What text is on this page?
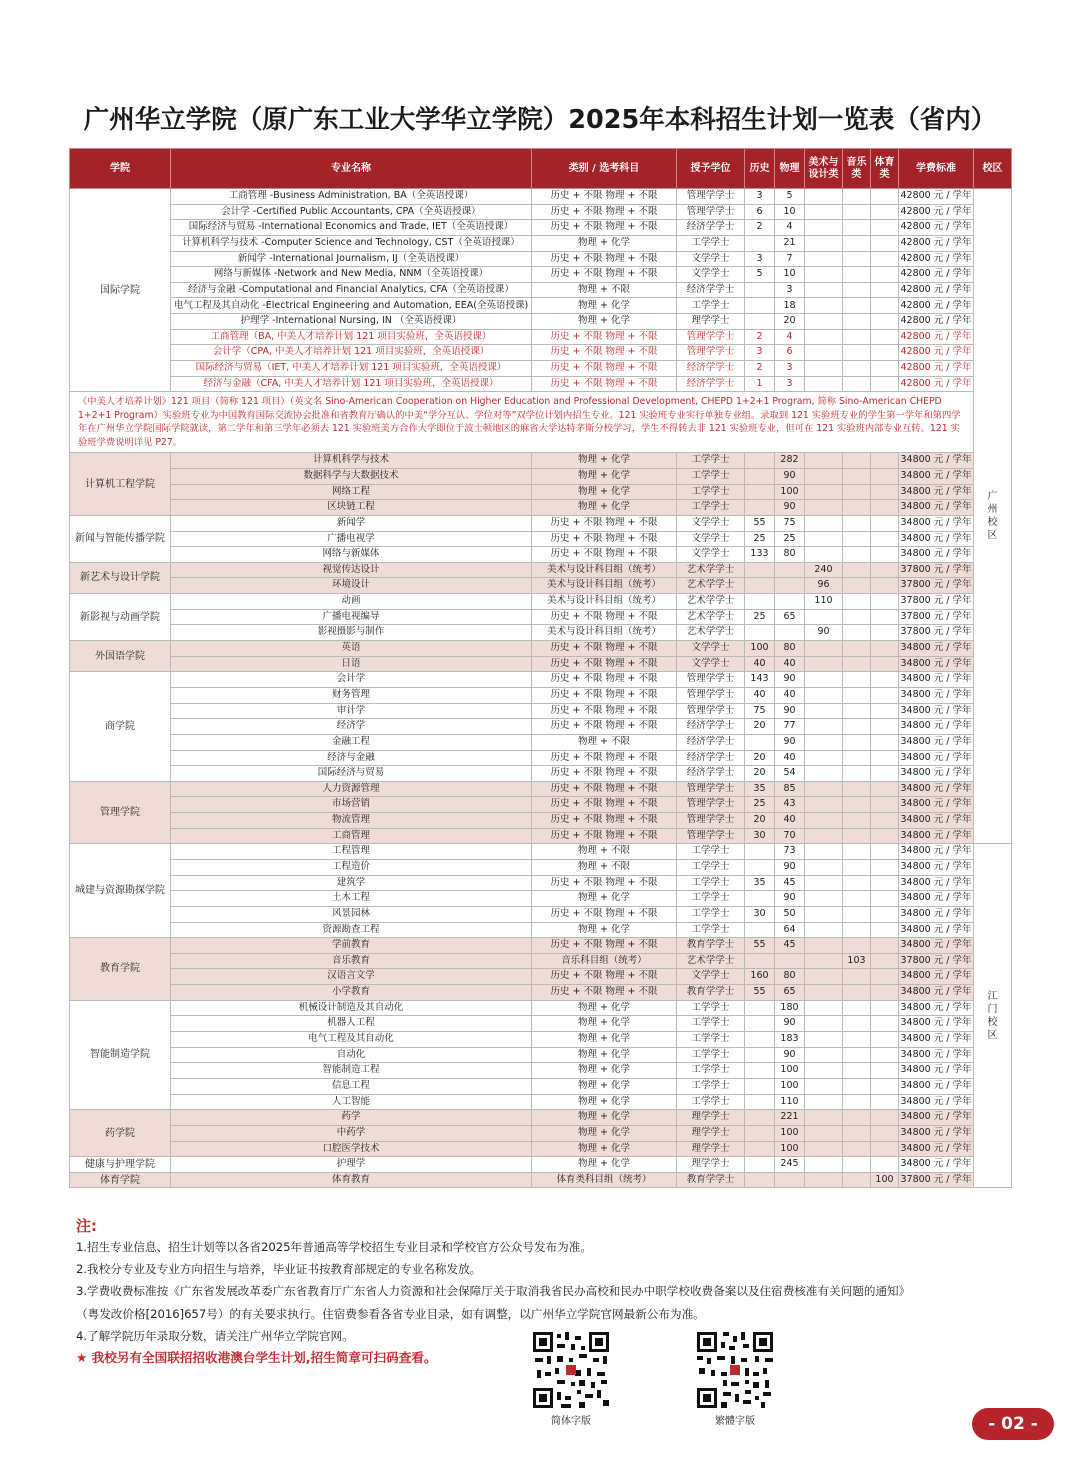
广州华立学院（原广东工业大学华立学院）2025年本科招生计划一览表（省内）
学院	专业名称	类别 / 选考科目	授予学位	历史	物理	美术与设计类	音乐类	体育类	学费标准	校区
国际学院	工商管理 -Business Administration, BA（全英语授课）	历史 + 不限 物理 + 不限	管理学学士	3	5				42800 元 / 学年	广州校区
	会计学 -Certified Public Accountants, CPA（全英语授课）	历史 + 不限 物理 + 不限	管理学学士	6	10				42800 元 / 学年	
	国际经济与贸易 -International Economics and Trade, IET（全英语授课）	历史 + 不限 物理 + 不限	经济学学士	2	4				42800 元 / 学年	
	计算机科学与技术 -Computer Science and Technology, CST（全英语授课）	物理 + 化学	工学学士		21				42800 元 / 学年	
	新闻学 -International Journalism, IJ（全英语授课）	历史 + 不限 物理 + 不限	文学学士	3	7				42800 元 / 学年	
	网络与新媒体 -Network and New Media, NNM（全英语授课）	历史 + 不限 物理 + 不限	文学学士	5	10				42800 元 / 学年	
	经济与金融 -Computational and Financial Analytics, CFA（全英语授课）	物理 + 不限	经济学学士		3				42800 元 / 学年	
	电气工程及其自动化 -Electrical Engineering and Automation, EEA(全英语授课)	物理 + 化学	工学学士		18				42800 元 / 学年	
	护理学 -International Nursing, IN （全英语授课）	物理 + 化学	理学学士		20				42800 元 / 学年	
	工商管理（BA, 中美人才培养计划 121 项目实验班，全英语授课）	历史 + 不限 物理 + 不限	管理学学士	2	4				42800 元 / 学年	
	会计学（CPA, 中美人才培养计划 121 项目实验班，全英语授课）	历史 + 不限 物理 + 不限	管理学学士	3	6				42800 元 / 学年	
	国际经济与贸易（IET, 中美人才培养计划 121 项目实验班，全英语授课）	历史 + 不限 物理 + 不限	经济学学士	2	3				42800 元 / 学年	
	经济与金融（CFA, 中美人才培养计划 121 项目实验班，全英语授课）	历史 + 不限 物理 + 不限	经济学学士	1	3				42800 元 / 学年	
《中美人才培养计划》121 项目（简称 121 项目）（英文名 Sino-American Cooperation on Higher Education and Professional Development, CHEPD 1+2+1 Program, 简称 Sino-American CHEPD 1+2+1 Program）实验班专业为中国教育国际交流协会批准和省教育厅确认的中美“学分互认、学位对等”双学位计划内招生专业。121 实验班专业实行单独专业组。录取到 121 实验班专业的学生第一学年和第四学年在广州华立学院国际学院就读，第二学年和第三学年必须去 121 实验班美方合作大学即位于波士顿地区的麻省大学达特茅斯分校学习，学生不得转去非 121 实验班专业，但可在 121 实验班内部专业互转。121 实验班学费说明详见 P27。										
计算机工程学院	计算机科学与技术	物理 + 化学	工学学士		282				34800 元 / 学年	
	数据科学与大数据技术	物理 + 化学	工学学士		90				34800 元 / 学年	
	网络工程	物理 + 化学	工学学士		100				34800 元 / 学年	
	区块链工程	物理 + 化学	工学学士		90				34800 元 / 学年	
新闻与智能传播学院	新闻学	历史 + 不限 物理 + 不限	文学学士	55	75				34800 元 / 学年	
	广播电视学	历史 + 不限 物理 + 不限	文学学士	25	25				34800 元 / 学年	
	网络与新媒体	历史 + 不限 物理 + 不限	文学学士	133	80				34800 元 / 学年	
新艺术与设计学院	视觉传达设计	美术与设计科目组（统考）	艺术学学士			240			37800 元 / 学年	
	环境设计	美术与设计科目组（统考）	艺术学学士			96			37800 元 / 学年	
新影视与动画学院	动画	美术与设计科目组（统考）	艺术学学士			110			37800 元 / 学年	
	广播电视编导	历史 + 不限 物理 + 不限	艺术学学士	25	65				37800 元 / 学年	
	影视摄影与制作	美术与设计科目组（统考）	艺术学学士			90			37800 元 / 学年	
外国语学院	英语	历史 + 不限 物理 + 不限	文学学士	100	80				34800 元 / 学年	
	日语	历史 + 不限 物理 + 不限	文学学士	40	40				34800 元 / 学年	
商学院	会计学	历史 + 不限 物理 + 不限	管理学学士	143	90				34800 元 / 学年	
	财务管理	历史 + 不限 物理 + 不限	管理学学士	40	40				34800 元 / 学年	
	审计学	历史 + 不限 物理 + 不限	管理学学士	75	90				34800 元 / 学年	
	经济学	历史 + 不限 物理 + 不限	经济学学士	20	77				34800 元 / 学年	
	金融工程	物理 + 不限	经济学学士		90				34800 元 / 学年	
	经济与金融	历史 + 不限 物理 + 不限	经济学学士	20	40				34800 元 / 学年	
	国际经济与贸易	历史 + 不限 物理 + 不限	经济学学士	20	54				34800 元 / 学年	
管理学院	人力资源管理	历史 + 不限 物理 + 不限	管理学学士	35	85				34800 元 / 学年	
	市场营销	历史 + 不限 物理 + 不限	管理学学士	25	43				34800 元 / 学年	
	物流管理	历史 + 不限 物理 + 不限	管理学学士	20	40				34800 元 / 学年	
	工商管理	历史 + 不限 物理 + 不限	管理学学士	30	70				34800 元 / 学年	
城建与资源勘探学院	工程管理	物理 + 不限	工学学士		73				34800 元 / 学年	江门校区
	工程造价	物理 + 不限	工学学士		90				34800 元 / 学年	
	建筑学	历史 + 不限 物理 + 不限	工学学士	35	45				34800 元 / 学年	
	土木工程	物理 + 化学	工学学士		90				34800 元 / 学年	
	风景园林	历史 + 不限 物理 + 不限	工学学士	30	50				34800 元 / 学年	
	资源勘查工程	物理 + 化学	工学学士		64				34800 元 / 学年	
教育学院	学前教育	历史 + 不限 物理 + 不限	教育学学士	55	45				34800 元 / 学年	
	音乐教育	音乐科目组（统考）	艺术学学士				103		37800 元 / 学年	
	汉语言文学	历史 + 不限 物理 + 不限	文学学士	160	80				34800 元 / 学年	
	小学教育	历史 + 不限 物理 + 不限	教育学学士	55	65				34800 元 / 学年	
智能制造学院	机械设计制造及其自动化	物理 + 化学	工学学士		180				34800 元 / 学年	
	机器人工程	物理 + 化学	工学学士		90				34800 元 / 学年	
	电气工程及其自动化	物理 + 化学	工学学士		183				34800 元 / 学年	
	自动化	物理 + 化学	工学学士		90				34800 元 / 学年	
	智能制造工程	物理 + 化学	工学学士		100				34800 元 / 学年	
	信息工程	物理 + 化学	工学学士		100				34800 元 / 学年	
	人工智能	物理 + 化学	工学学士		110				34800 元 / 学年	
药学院	药学	物理 + 化学	理学学士		221				34800 元 / 学年	
	中药学	物理 + 化学	理学学士		100				34800 元 / 学年	
	口腔医学技术	物理 + 化学	理学学士		100				34800 元 / 学年	
健康与护理学院	护理学	物理 + 化学	理学学士		245				34800 元 / 学年	
体育学院	体育教育	体育类科目组（统考）	教育学学士					100	37800 元 / 学年	
注:
1.招生专业信息、招生计划等以各省2025年普通高等学校招生专业目录和学校官方公众号发布为准。
2.我校分专业及专业方向招生与培养，毕业证书按教育部规定的专业名称发放。
3.学费收费标准按《广东省发展改革委广东省教育厅广东省人力资源和社会保障厅关于取消我省民办高校和民办中职学校收费备案以及住宿费核准有关问题的通知》
（粤发改价格[2016]657号）的有关要求执行。住宿费参看各省专业目录，如有调整，以广州华立学院官网最新公布为准。
4.了解学院历年录取分数，请关注广州华立学院官网。
★ 我校另有全国联招招收港澳台学生计划,招生简章可扫码查看。
简体字版	繁體字版	- 02 -
